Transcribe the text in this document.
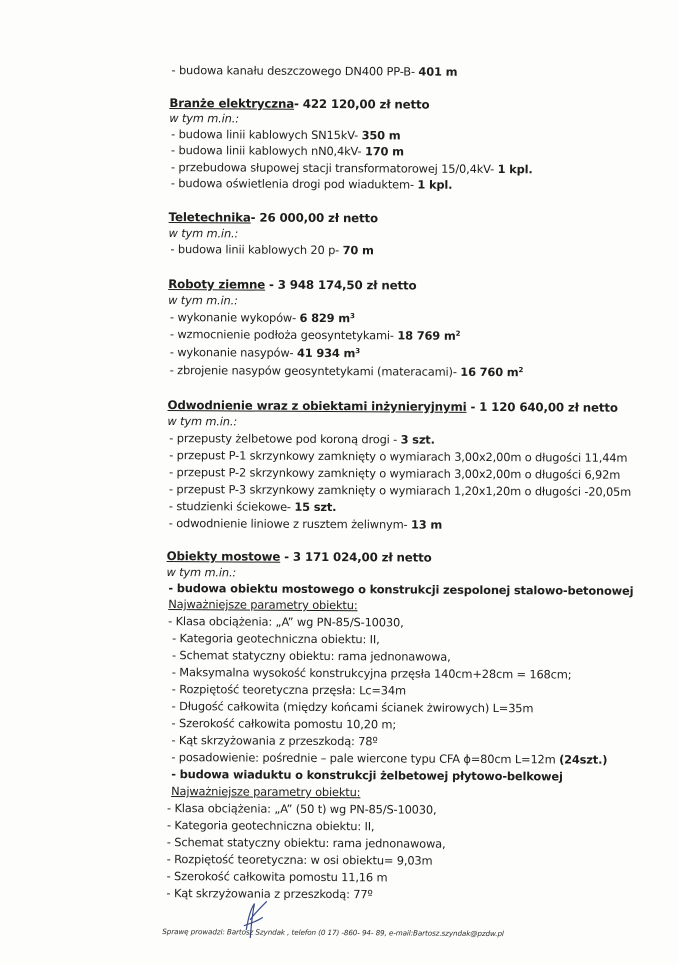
- budowa kanału deszczowego DN400 PP-B- 401 m
Branże elektryczna- 422 120,00 zł netto
w tym m.in.:
- budowa linii kablowych SN15kV- 350 m
- budowa linii kablowych nN0,4kV- 170 m
- przebudowa słupowej stacji transformatorowej 15/0,4kV- 1 kpl.
- budowa oświetlenia drogi pod wiaduktem- 1 kpl.
Teletechnika- 26 000,00 zł netto
w tym m.in.:
- budowa linii kablowych 20 p- 70 m
Roboty ziemne - 3 948 174,50 zł netto
w tym m.in.:
- wykonanie wykopów- 6 829 $m^3$
- wzmocnienie podłoża geosyntetykami- 18 769 $m^2$
- wykonanie nasypów- 41 934 $m^3$
- zbrojenie nasypów geosyntetykami (materacami)- 16 760 $m^2$
Odwodnienie wraz z obiektami inżynieryjnymi - 1 120 640,00 zł netto
w tym m.in.:
- przepusty żelbetowe pod koroną drogi - 3 szt.
- przepust P-1 skrzynkowy zamknięty o wymiarach 3,00x2,00m o długości 11,44m
- przepust P-2 skrzynkowy zamknięty o wymiarach 3,00x2,00m o długości 6,92m
- przepust P-3 skrzynkowy zamknięty o wymiarach 1,20x1,20m o długości -20,05m
- studzienki ściekowe- 15 szt.
- odwodnienie liniowe z rusztem żeliwnym- 13 m
Obiekty mostowe - 3 171 024,00 zł netto
w tym m.in.:
- budowa obiektu mostowego o konstrukcji zespolonej stalowo-betonowej
Najważniejsze parametry obiektu:
- Klasa obciążenia: „A” wg PN-85/S-10030,
- Kategoria geotechniczna obiektu: II,
- Schemat statyczny obiektu: rama jednonawowa,
- Maksymalna wysokość konstrukcyjna przęsła 140cm+28cm = 168cm;
- Rozpiętość teoretyczna przęsła: Lc=34m
- Długość całkowita (między końcami ścianek żwirowych) L=35m
- Szerokość całkowita pomostu 10,20 m;
- Kąt skrzyżowania z przeszkodą: 78º
- posadowienie: pośrednie – pale wiercone typu CFA ɸ=80cm L=12m (24szt.)
- budowa wiaduktu o konstrukcji żelbetowej płytowo-belkowej
Najważniejsze parametry obiektu:
- Klasa obciążenia: „A” (50 t) wg PN-85/S-10030,
- Kategoria geotechniczna obiektu: II,
- Schemat statyczny obiektu: rama jednonawowa,
- Rozpiętość teoretyczna: w osi obiektu= 9,03m
- Szerokość całkowita pomostu 11,16 m
- Kąt skrzyżowania z przeszkodą: 77º
Sprawę prowadzi: Bartosz Szyndak , telefon (0 17) -860- 94- 89, e-mail:Bartosz.szyndak@pzdw.pl
